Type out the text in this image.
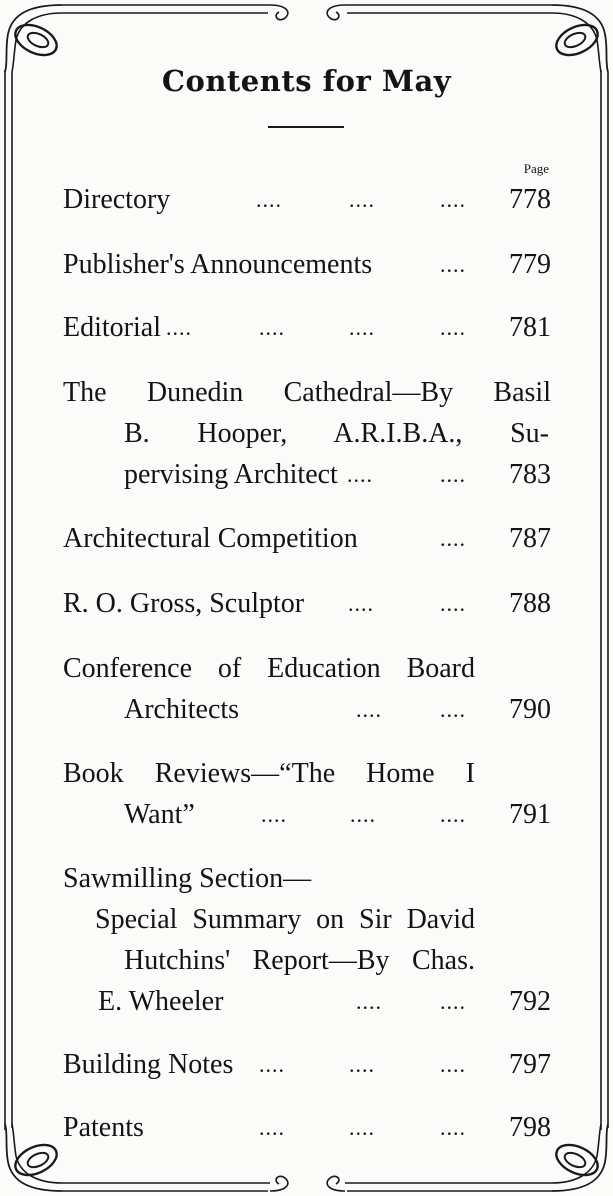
Contents for May
Page
Directory	....	....	.... 778
Publisher's Announcements	.... 779
Editorial ....	....	....	.... 781
The Dunedin Cathedral—By Basil
B. Hooper, A.R.I.B.A., Su-
pervising Architect ....	.... 783
Architectural Competition	.... 787
R. O. Gross, Sculptor ....	.... 788
Conference of Education Board
Architects	....	.... 790
Book Reviews—“The Home I
Want”	....	....	.... 791
Sawmilling Section—
Special Summary on Sir David
Hutchins' Report—By Chas.
E. Wheeler	....	.... 792
Building Notes ....	....	.... 797
Patents	....	....	.... 798
